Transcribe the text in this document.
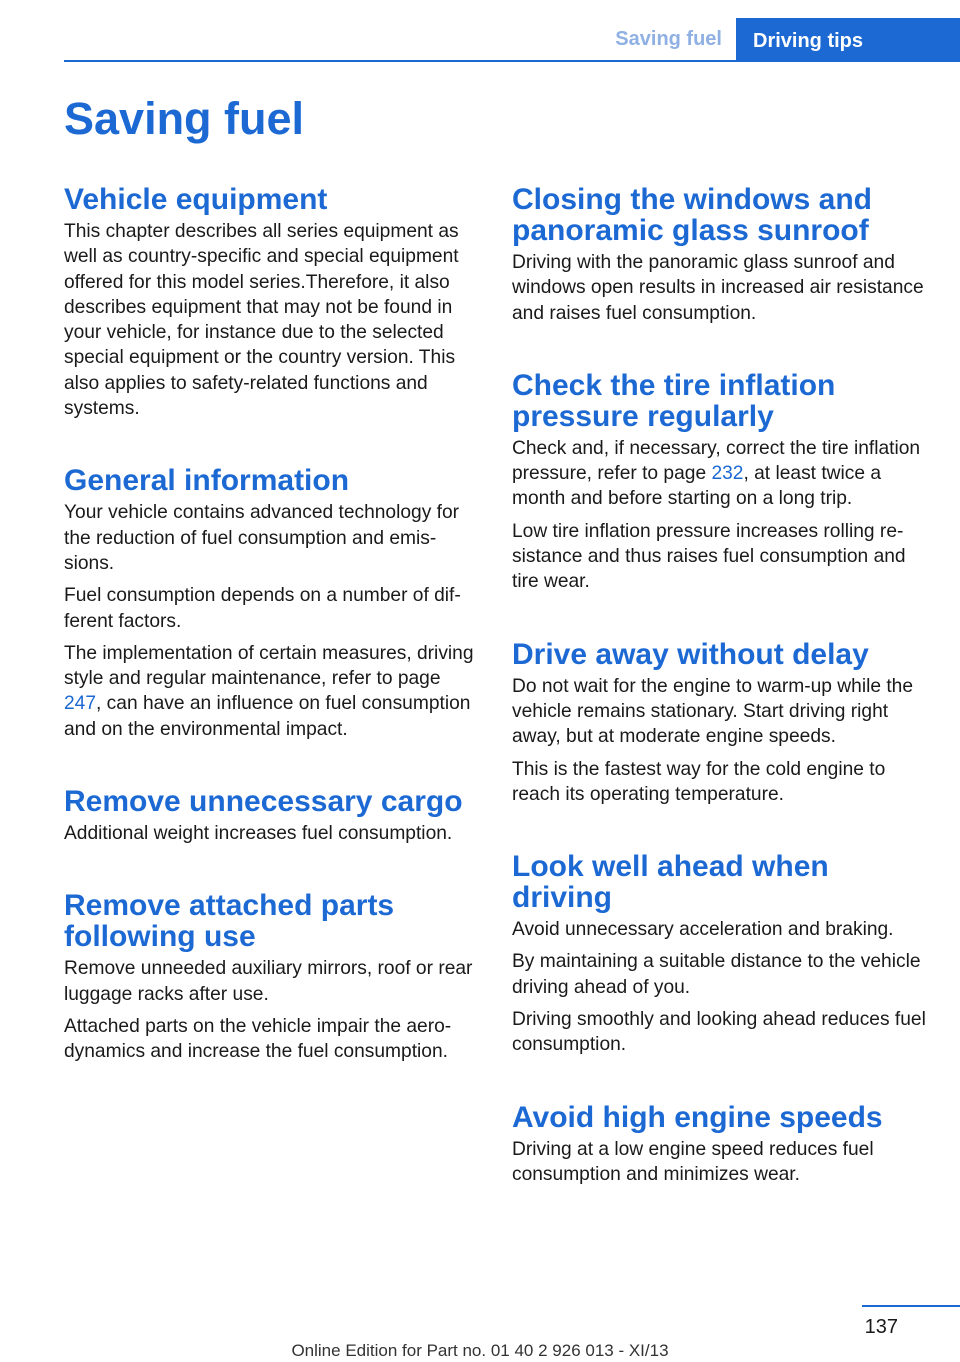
Saving fuel	Driving tips
Saving fuel
Vehicle equipment

This chapter describes all series equipment as well as country-specific and special equipment offered for this model series.Therefore, it also describes equipment that may not be found in your vehicle, for instance due to the selected special equipment or the country version. This also applies to safety-related functions and systems.

General information

Your vehicle contains advanced technology for the reduction of fuel consumption and emissions.

Fuel consumption depends on a number of different factors.

The implementation of certain measures, driving style and regular maintenance, refer to page 247, can have an influence on fuel consumption and on the environmental impact.

Remove unnecessary cargo

Additional weight increases fuel consumption.

Remove attached parts following use

Remove unneeded auxiliary mirrors, roof or rear luggage racks after use.

Attached parts on the vehicle impair the aerodynamics and increase the fuel consumption.

Closing the windows and panoramic glass sunroof

Driving with the panoramic glass sunroof and windows open results in increased air resistance and raises fuel consumption.

Check the tire inflation pressure regularly

Check and, if necessary, correct the tire inflation pressure, refer to page 232, at least twice a month and before starting on a long trip.

Low tire inflation pressure increases rolling resistance and thus raises fuel consumption and tire wear.

Drive away without delay

Do not wait for the engine to warm-up while the vehicle remains stationary. Start driving right away, but at moderate engine speeds.

This is the fastest way for the cold engine to reach its operating temperature.

Look well ahead when driving

Avoid unnecessary acceleration and braking.

By maintaining a suitable distance to the vehicle driving ahead of you.

Driving smoothly and looking ahead reduces fuel consumption.

Avoid high engine speeds

Driving at a low engine speed reduces fuel consumption and minimizes wear.

137
Online Edition for Part no. 01 40 2 926 013 - XI/13
